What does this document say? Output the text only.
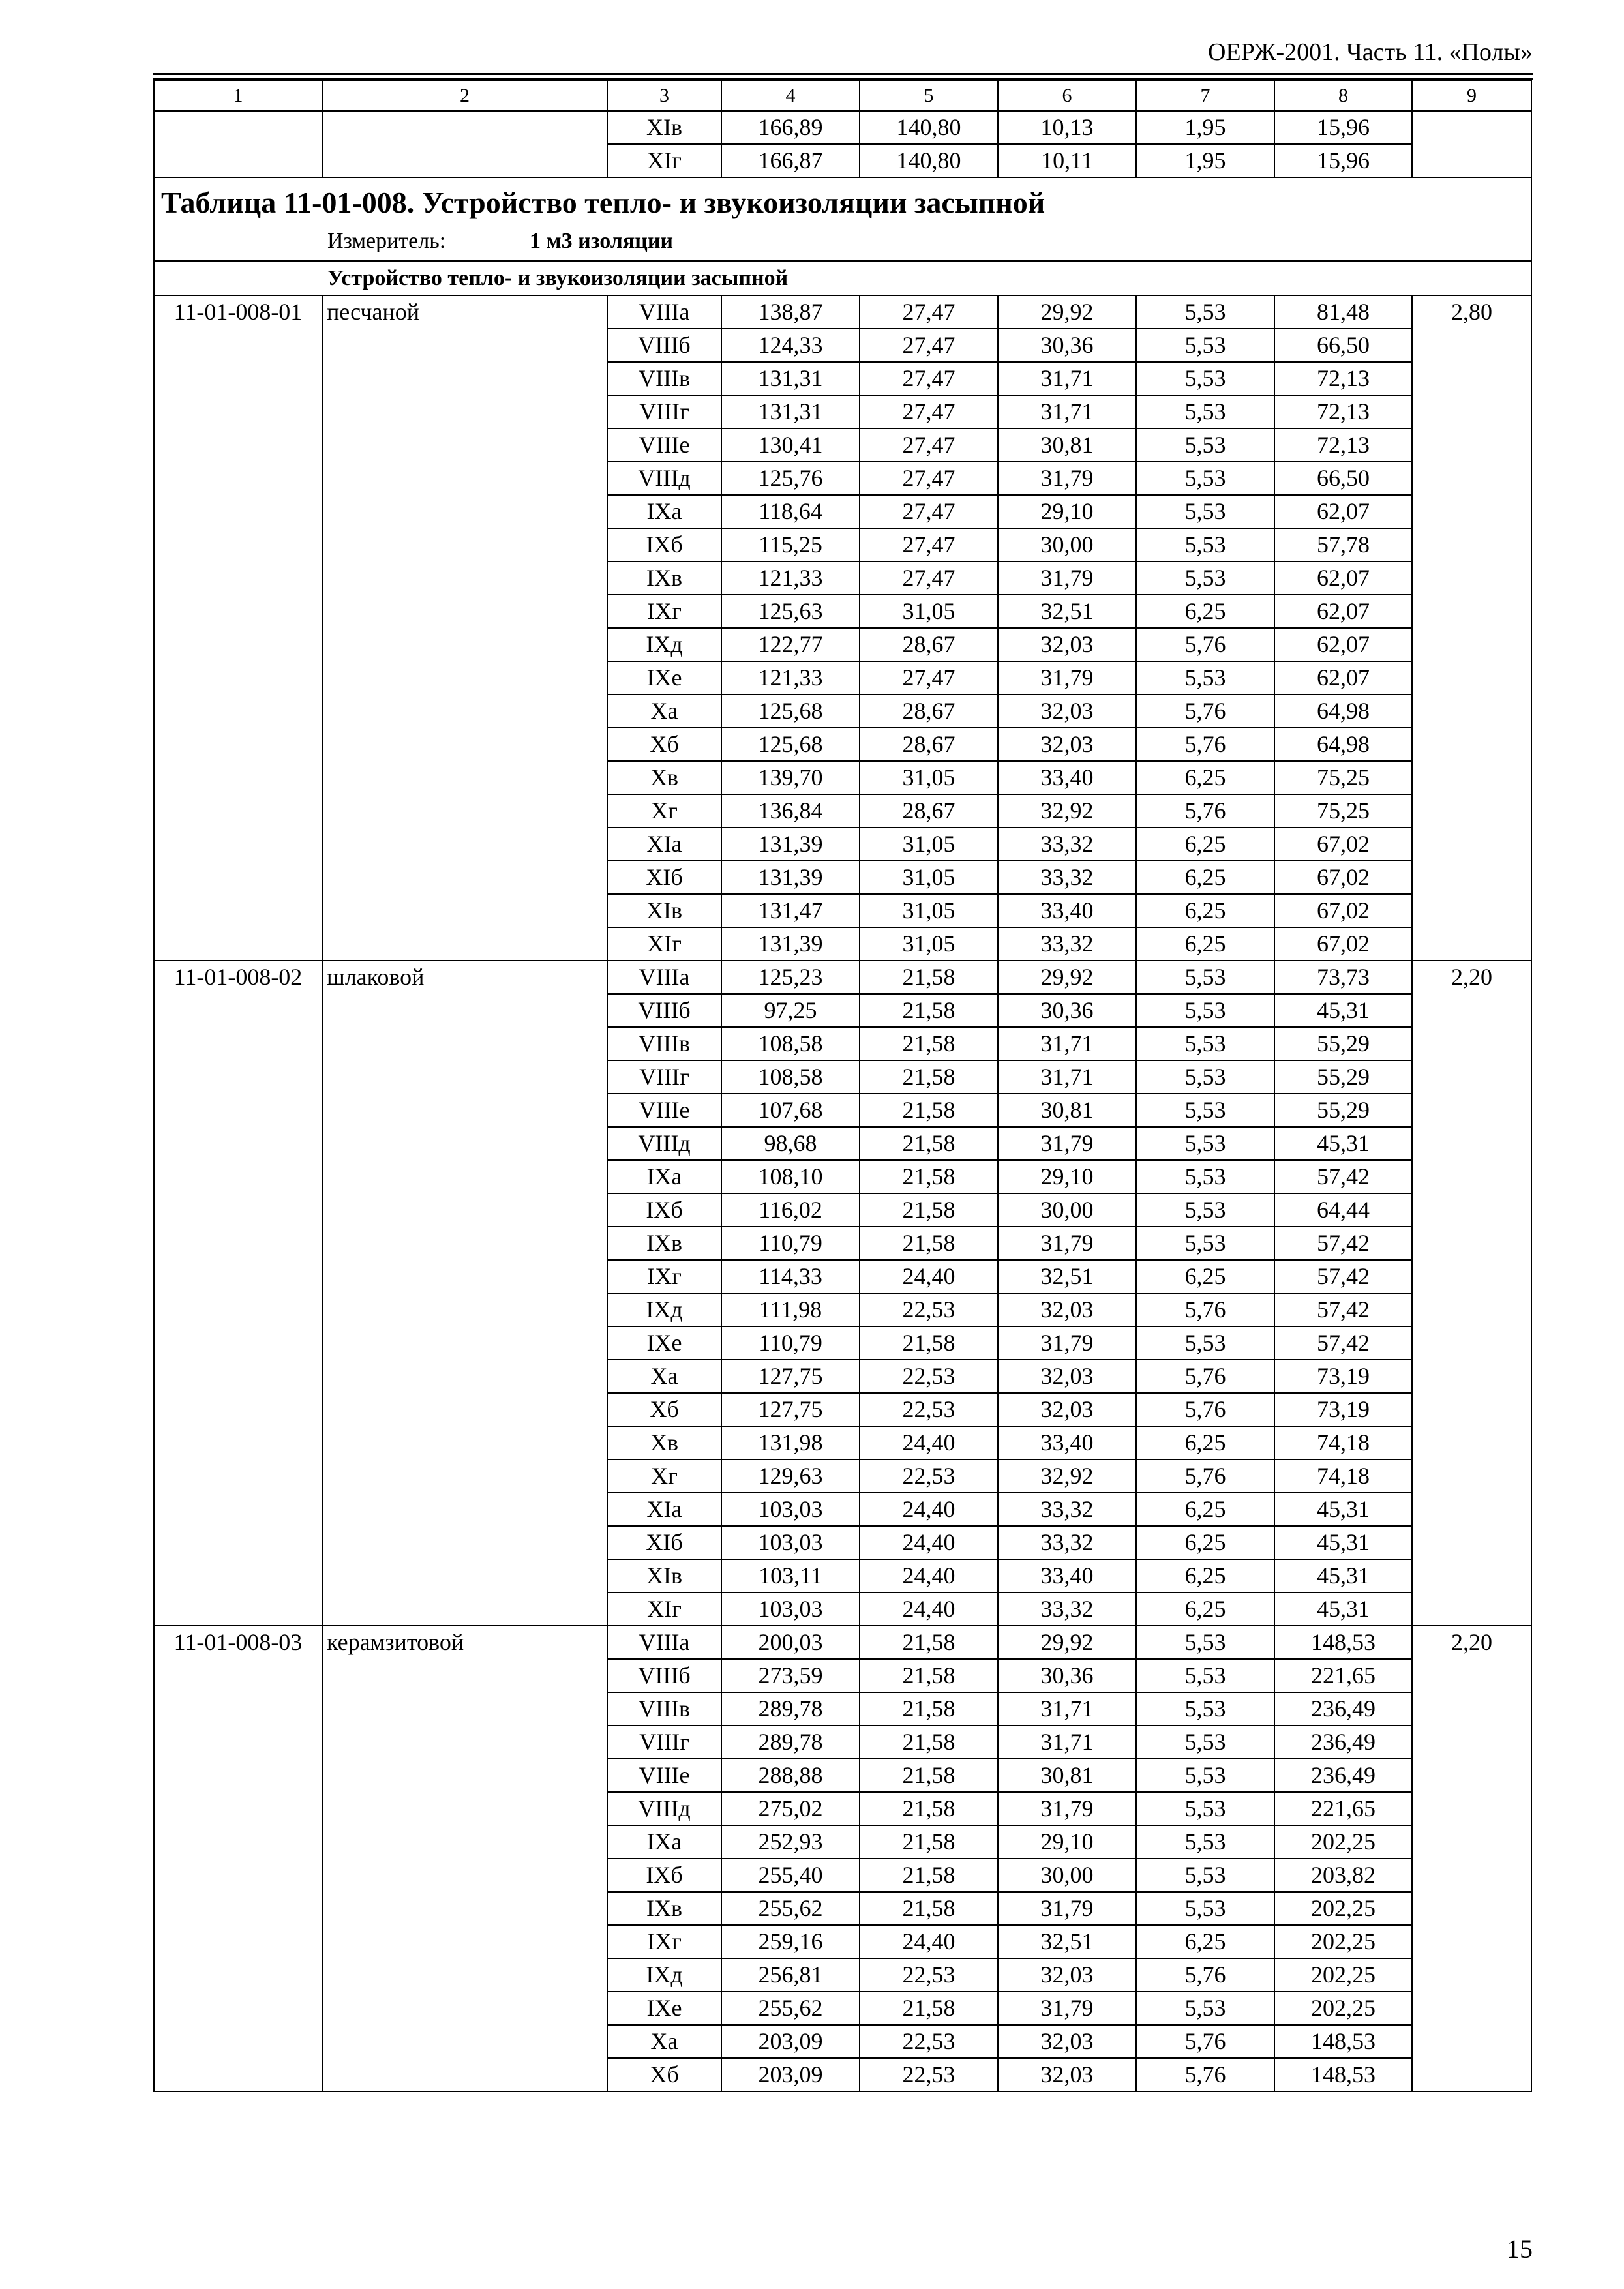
ОЕРЖ-2001. Часть 11. «Полы»
1	2	3	4	5	6	7	8	9
		XIв	166,89	140,80	10,13	1,95	15,96	
		XIг	166,87	140,80	10,11	1,95	15,96	

Таблица 11-01-008. Устройство тепло- и звукоизоляции засыпной
Измеритель: 1 м3 изоляции								

Устройство тепло- и звукоизоляции засыпной								
11-01-008-01	песчаной	VIIIа	138,87	27,47	29,92	5,53	81,48	2,80
		VIIIб	124,33	27,47	30,36	5,53	66,50	
		VIIIв	131,31	27,47	31,71	5,53	72,13	
		VIIIг	131,31	27,47	31,71	5,53	72,13	
		VIIIе	130,41	27,47	30,81	5,53	72,13	
		VIIIд	125,76	27,47	31,79	5,53	66,50	
		IXа	118,64	27,47	29,10	5,53	62,07	
		IXб	115,25	27,47	30,00	5,53	57,78	
		IXв	121,33	27,47	31,79	5,53	62,07	
		IXг	125,63	31,05	32,51	6,25	62,07	
		IXд	122,77	28,67	32,03	5,76	62,07	
		IXе	121,33	27,47	31,79	5,53	62,07	
		Xа	125,68	28,67	32,03	5,76	64,98	
		Xб	125,68	28,67	32,03	5,76	64,98	
		Xв	139,70	31,05	33,40	6,25	75,25	
		Xг	136,84	28,67	32,92	5,76	75,25	
		XIа	131,39	31,05	33,32	6,25	67,02	
		XIб	131,39	31,05	33,32	6,25	67,02	
		XIв	131,47	31,05	33,40	6,25	67,02	
		XIг	131,39	31,05	33,32	6,25	67,02	
11-01-008-02	шлаковой	VIIIа	125,23	21,58	29,92	5,53	73,73	2,20
		VIIIб	97,25	21,58	30,36	5,53	45,31	
		VIIIв	108,58	21,58	31,71	5,53	55,29	
		VIIIг	108,58	21,58	31,71	5,53	55,29	
		VIIIе	107,68	21,58	30,81	5,53	55,29	
		VIIIд	98,68	21,58	31,79	5,53	45,31	
		IXа	108,10	21,58	29,10	5,53	57,42	
		IXб	116,02	21,58	30,00	5,53	64,44	
		IXв	110,79	21,58	31,79	5,53	57,42	
		IXг	114,33	24,40	32,51	6,25	57,42	
		IXд	111,98	22,53	32,03	5,76	57,42	
		IXе	110,79	21,58	31,79	5,53	57,42	
		Xа	127,75	22,53	32,03	5,76	73,19	
		Xб	127,75	22,53	32,03	5,76	73,19	
		Xв	131,98	24,40	33,40	6,25	74,18	
		Xг	129,63	22,53	32,92	5,76	74,18	
		XIа	103,03	24,40	33,32	6,25	45,31	
		XIб	103,03	24,40	33,32	6,25	45,31	
		XIв	103,11	24,40	33,40	6,25	45,31	
		XIг	103,03	24,40	33,32	6,25	45,31	
11-01-008-03	керамзитовой	VIIIа	200,03	21,58	29,92	5,53	148,53	2,20
		VIIIб	273,59	21,58	30,36	5,53	221,65	
		VIIIв	289,78	21,58	31,71	5,53	236,49	
		VIIIг	289,78	21,58	31,71	5,53	236,49	
		VIIIе	288,88	21,58	30,81	5,53	236,49	
		VIIIд	275,02	21,58	31,79	5,53	221,65	
		IXа	252,93	21,58	29,10	5,53	202,25	
		IXб	255,40	21,58	30,00	5,53	203,82	
		IXв	255,62	21,58	31,79	5,53	202,25	
		IXг	259,16	24,40	32,51	6,25	202,25	
		IXд	256,81	22,53	32,03	5,76	202,25	
		IXе	255,62	21,58	31,79	5,53	202,25	
		Xа	203,09	22,53	32,03	5,76	148,53	
		Xб	203,09	22,53	32,03	5,76	148,53	
15
